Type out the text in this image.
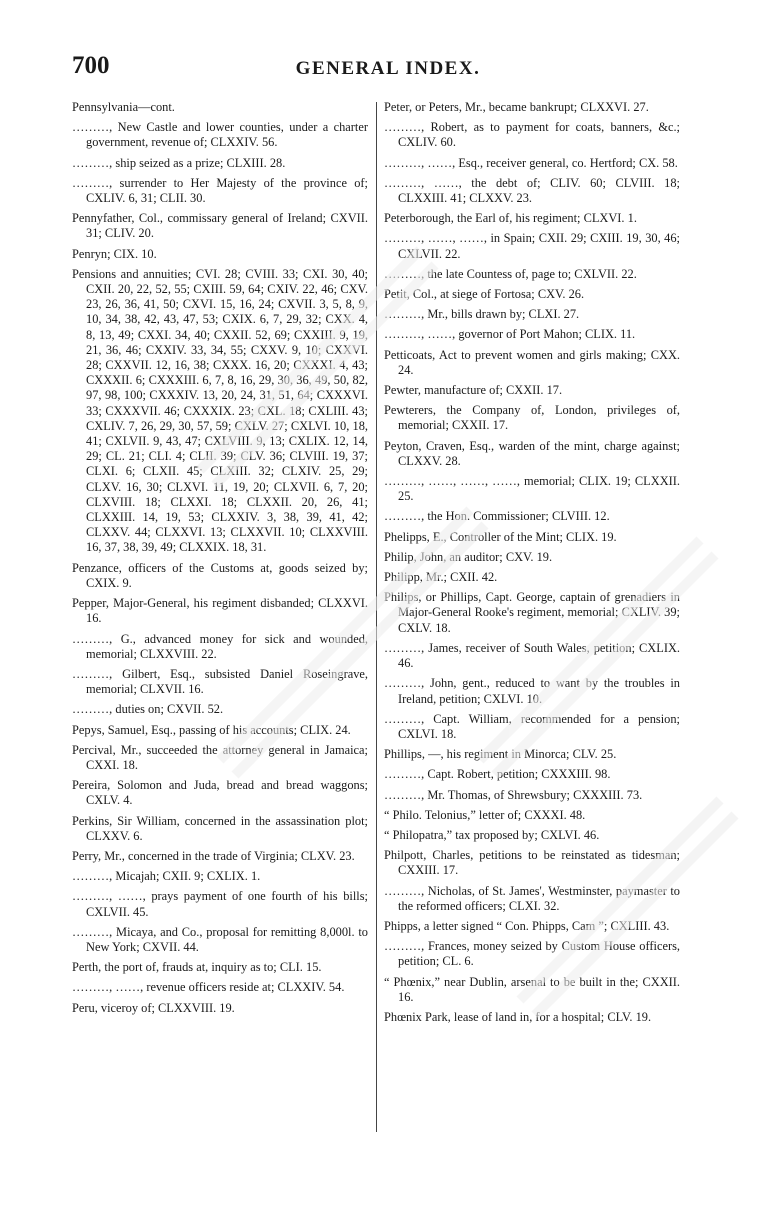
700	GENERAL INDEX.

Pennsylvania—cont.

………, New Castle and lower counties, under a charter government, revenue of; CLXXIV. 56.

………, ship seized as a prize; CLXIII. 28.

………, surrender to Her Majesty of the province of; CXLIV. 6, 31; CLII. 30.

Pennyfather, Col., commissary general of Ireland; CXVII. 31; CLIV. 20.

Penryn; CIX. 10.

Pensions and annuities; CVI. 28; CVIII. 33; CXI. 30, 40; CXII. 20, 22, 52, 55; CXIII. 59, 64; CXIV. 22, 46; CXV. 23, 26, 36, 41, 50; CXVI. 15, 16, 24; CXVII. 3, 5, 8, 9, 10, 34, 38, 42, 43, 47, 53; CXIX. 6, 7, 29, 32; CXX. 4, 8, 13, 49; CXXI. 34, 40; CXXII. 52, 69; CXXIII. 9, 19, 21, 36, 46; CXXIV. 33, 34, 55; CXXV. 9, 10; CXXVI. 28; CXXVII. 12, 16, 38; CXXX. 16, 20; CXXXI. 4, 43; CXXXII. 6; CXXXIII. 6, 7, 8, 16, 29, 30, 36, 49, 50, 82, 97, 98, 100; CXXXIV. 13, 20, 24, 31, 51, 64; CXXXVI. 33; CXXXVII. 46; CXXXIX. 23; CXL. 18; CXLIII. 43; CXLIV. 7, 26, 29, 30, 57, 59; CXLV. 27; CXLVI. 10, 18, 41; CXLVII. 9, 43, 47; CXLVIII. 9, 13; CXLIX. 12, 14, 29; CL. 21; CLI. 4; CLII. 39; CLV. 36; CLVIII. 19, 37; CLXI. 6; CLXII. 45; CLXIII. 32; CLXIV. 25, 29; CLXV. 16, 30; CLXVI. 11, 19, 20; CLXVII. 6, 7, 20; CLXVIII. 18; CLXXI. 18; CLXXII. 20, 26, 41; CLXXIII. 14, 19, 53; CLXXIV. 3, 38, 39, 41, 42; CLXXV. 44; CLXXVI. 13; CLXXVII. 10; CLXXVIII. 16, 37, 38, 39, 49; CLXXIX. 18, 31.

Penzance, officers of the Customs at, goods seized by; CXIX. 9.

Pepper, Major-General, his regiment disbanded; CLXXVI. 16.

………, G., advanced money for sick and wounded, memorial; CLXXVIII. 22.

………, Gilbert, Esq., subsisted Daniel Roseingrave, memorial; CLXVII. 16.

………, duties on; CXVII. 52.

Pepys, Samuel, Esq., passing of his accounts; CLIX. 24.

Percival, Mr., succeeded the attorney general in Jamaica; CXXI. 18.

Pereira, Solomon and Juda, bread and bread waggons; CXLV. 4.

Perkins, Sir William, concerned in the assassination plot; CLXXV. 6.

Perry, Mr., concerned in the trade of Virginia; CLXV. 23.

………, Micajah; CXII. 9; CXLIX. 1.

………, ……, prays payment of one fourth of his bills; CXLVII. 45.

………, Micaya, and Co., proposal for remitting 8,000l. to New York; CXVII. 44.

Perth, the port of, frauds at, inquiry as to; CLI. 15.

………, ……, revenue officers reside at; CLXXIV. 54.

Peru, viceroy of; CLXXVIII. 19.

Peter, or Peters, Mr., became bankrupt; CLXXVI. 27.

………, Robert, as to payment for coats, banners, &c.; CXLIV. 60.

………, ……, Esq., receiver general, co. Hertford; CX. 58.

………, ……, the debt of; CLIV. 60; CLVIII. 18; CLXXIII. 41; CLXXV. 23.

Peterborough, the Earl of, his regiment; CLXVI. 1.

………, ……, ……, in Spain; CXII. 29; CXIII. 19, 30, 46; CXLVII. 22.

………, the late Countess of, page to; CXLVII. 22.

Petit, Col., at siege of Fortosa; CXV. 26.

………, Mr., bills drawn by; CLXI. 27.

………, ……, governor of Port Mahon; CLIX. 11.

Petticoats, Act to prevent women and girls making; CXX. 24.

Pewter, manufacture of; CXXII. 17.

Pewterers, the Company of, London, privileges of, memorial; CXXII. 17.

Peyton, Craven, Esq., warden of the mint, charge against; CLXXV. 28.

………, ……, ……, ……, memorial; CLIX. 19; CLXXII. 25.

………, the Hon. Commissioner; CLVIII. 12.

Phelipps, E., Controller of the Mint; CLIX. 19.

Philip, John, an auditor; CXV. 19.

Philipp, Mr.; CXII. 42.

Philips, or Phillips, Capt. George, captain of grenadiers in Major-General Rooke's regiment, memorial; CXLIV. 39; CXLV. 18.

………, James, receiver of South Wales, petition; CXLIX. 46.

………, John, gent., reduced to want by the troubles in Ireland, petition; CXLVI. 10.

………, Capt. William, recommended for a pension; CXLVI. 18.

Phillips, —, his regiment in Minorca; CLV. 25.

………, Capt. Robert, petition; CXXXIII. 98.

………, Mr. Thomas, of Shrewsbury; CXXXIII. 73.

“ Philo. Telonius,” letter of; CXXXI. 48.

“ Philopatra,” tax proposed by; CXLVI. 46.

Philpott, Charles, petitions to be reinstated as tidesman; CXXIII. 17.

………, Nicholas, of St. James', Westminster, paymaster to the reformed officers; CLXI. 32.

Phipps, a letter signed “ Con. Phipps, Cam ”; CXLIII. 43.

………, Frances, money seized by Custom House officers, petition; CL. 6.

“ Phœnix,” near Dublin, arsenal to be built in the; CXXII. 16.

Phœnix Park, lease of land in, for a hospital; CLV. 19.
